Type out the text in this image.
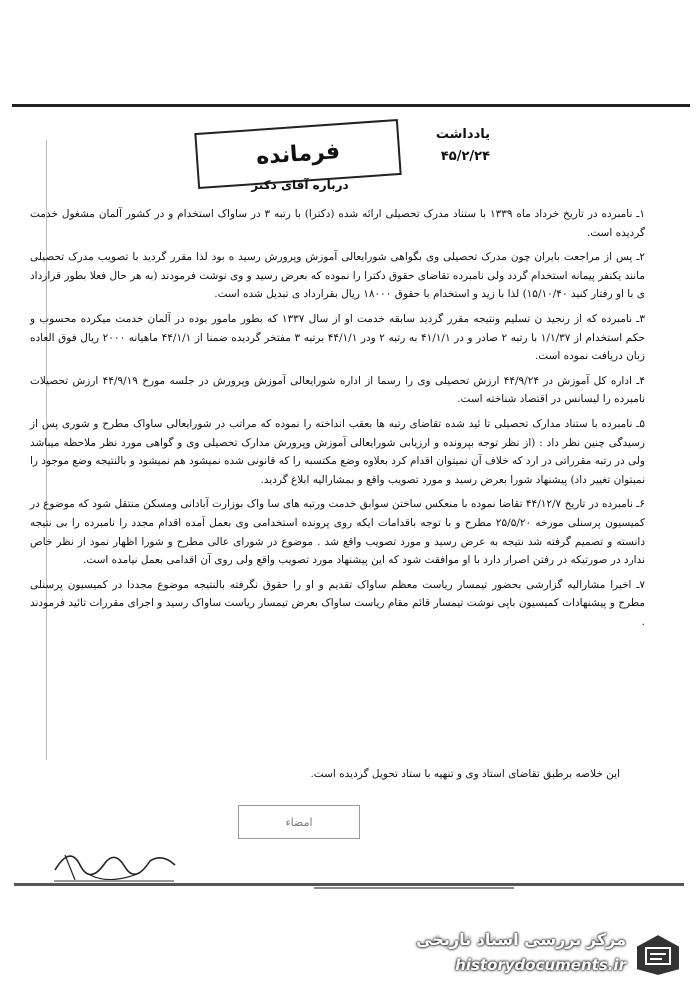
یادداشت
۴۵/۲/۲۴
فرمانده
درباره آقای دکتر

۱ـ نامبرده در تاریخ خرداد ماه ۱۳۳۹ با ستناد مدرک تحصیلی ارائه شده (دکترا) با رتبه ۳ در ساواک استخدام و در کشور آلمان مشغول خدمت گردیده است.

۲ـ پس از مراجعت بایران چون مدرک تحصیلی وی بگواهی شورایعالی آموزش وپرورش رسید ه بود لذا مقرر گردید با تصویب مدرک تحصیلی مانند یکنفر پیمانه استخدام گردد ولی نامبرده تقاضای حقوق دکترا را نموده که بعرض رسید و وی نوشت فرمودند (به هر حال فعلا بطور قرارداد ی با او رفتار کنید ۱۵/۱۰/۴۰) لذا با زید و استخدام با حقوق ۱۸۰۰۰ ریال بقرارداد ی تبدیل شده است.

۳ـ نامبرده که از رنجید ن تسلیم ونتیجه مقرر گردید سابقه خدمت او از سال ۱۳۳۷ که بطور مامور بوده در آلمان خدمت میکرده محسوب و حکم استخدام از ۱/۱/۳۷ با رتبه ۲ صادر و در ۴۱/۱/۱ به رتبه ۲ ودر ۴۴/۱/۱ برتبه ۳ مفتخر گردیده ضمنا از ۴۴/۱/۱ ماهیانه ۲۰۰۰ ریال فوق العاده زبان دریافت نموده است.

۴ـ اداره کل آموزش در ۴۴/۹/۲۴ ارزش تحصیلی وی را رسما از اداره شورایعالی آموزش وپرورش در جلسه مورخ ۴۴/۹/۱۹ ارزش تحصیلات نامبرده را لیسانس در اقتصاد شناخته است.

۵ـ نامبرده با ستناد مدارک تحصیلی تا ئید شده تقاضای رتبه ها بعقب انداخته را نموده که مراتب در شورایعالی ساواک مطرح و شوری پس از رسیدگی چنین نظر داد : (از نظر توجه بپرونده و ارزیابی شورایعالی آموزش وپرورش مدارک تحصیلی وی و گواهی مورد نظر ملاحظه میباشد ولی در رتبه مقرراتی در ارد که خلاف آن نمیتوان اقدام کرد بعلاوه وضع مکتسبه را که قانونی شده نمیشود هم نمیشود و بالنتیجه وضع موجود را نمیتوان تغییر داد) پیشنهاد شورا بعرض رسید و مورد تصویب واقع و بمشارالیه ابلاغ گردید.

۶ـ نامبرده در تاریخ ۴۴/۱۲/۷ تقاضا نموده با منعکس ساختن سوابق خدمت ورتبه های سا واک بوزارت آبادانی ومسکن منتقل شود که موضوع در کمیسیون پرسنلی مورخه ۲۵/۵/۲۰ مطرح و با توجه باقدامات ایکه روی پرونده استخدامی وی بعمل آمده اقدام مجدد را نامبرده را بی نتیجه دانسته و تصمیم گرفته شد نتیجه به عرض رسید و مورد تصویب واقع شد . موضوع در شورای عالی مطرح و شورا اظهار نمود از نظر خاص ندارد در صورتیکه در رفتن اصرار دارد با او موافقت شود که این پیشنهاد مورد تصویب واقع ولی روی آن اقدامی بعمل نیامده است.

۷ـ اخیرا مشارالیه گزارشی بحضور تیمسار ریاست معظم ساواک تقدیم و او را حقوق نگرفته بالنتیجه موضوع مجددا در کمیسیون پرسنلی مطرح و پیشنهادات کمیسیون باپی نوشت تیمسار قائم مقام ریاست ساواک بعرض تیمسار ریاست ساواک رسید و اجرای مقررات تائید فرمودند .

این خلاصه برطبق تقاضای استاد وی و تنهیه با ستاد تحویل گردیده است.
امضاء
مرکز بررسی اسناد تاریخی
historydocuments.ir
